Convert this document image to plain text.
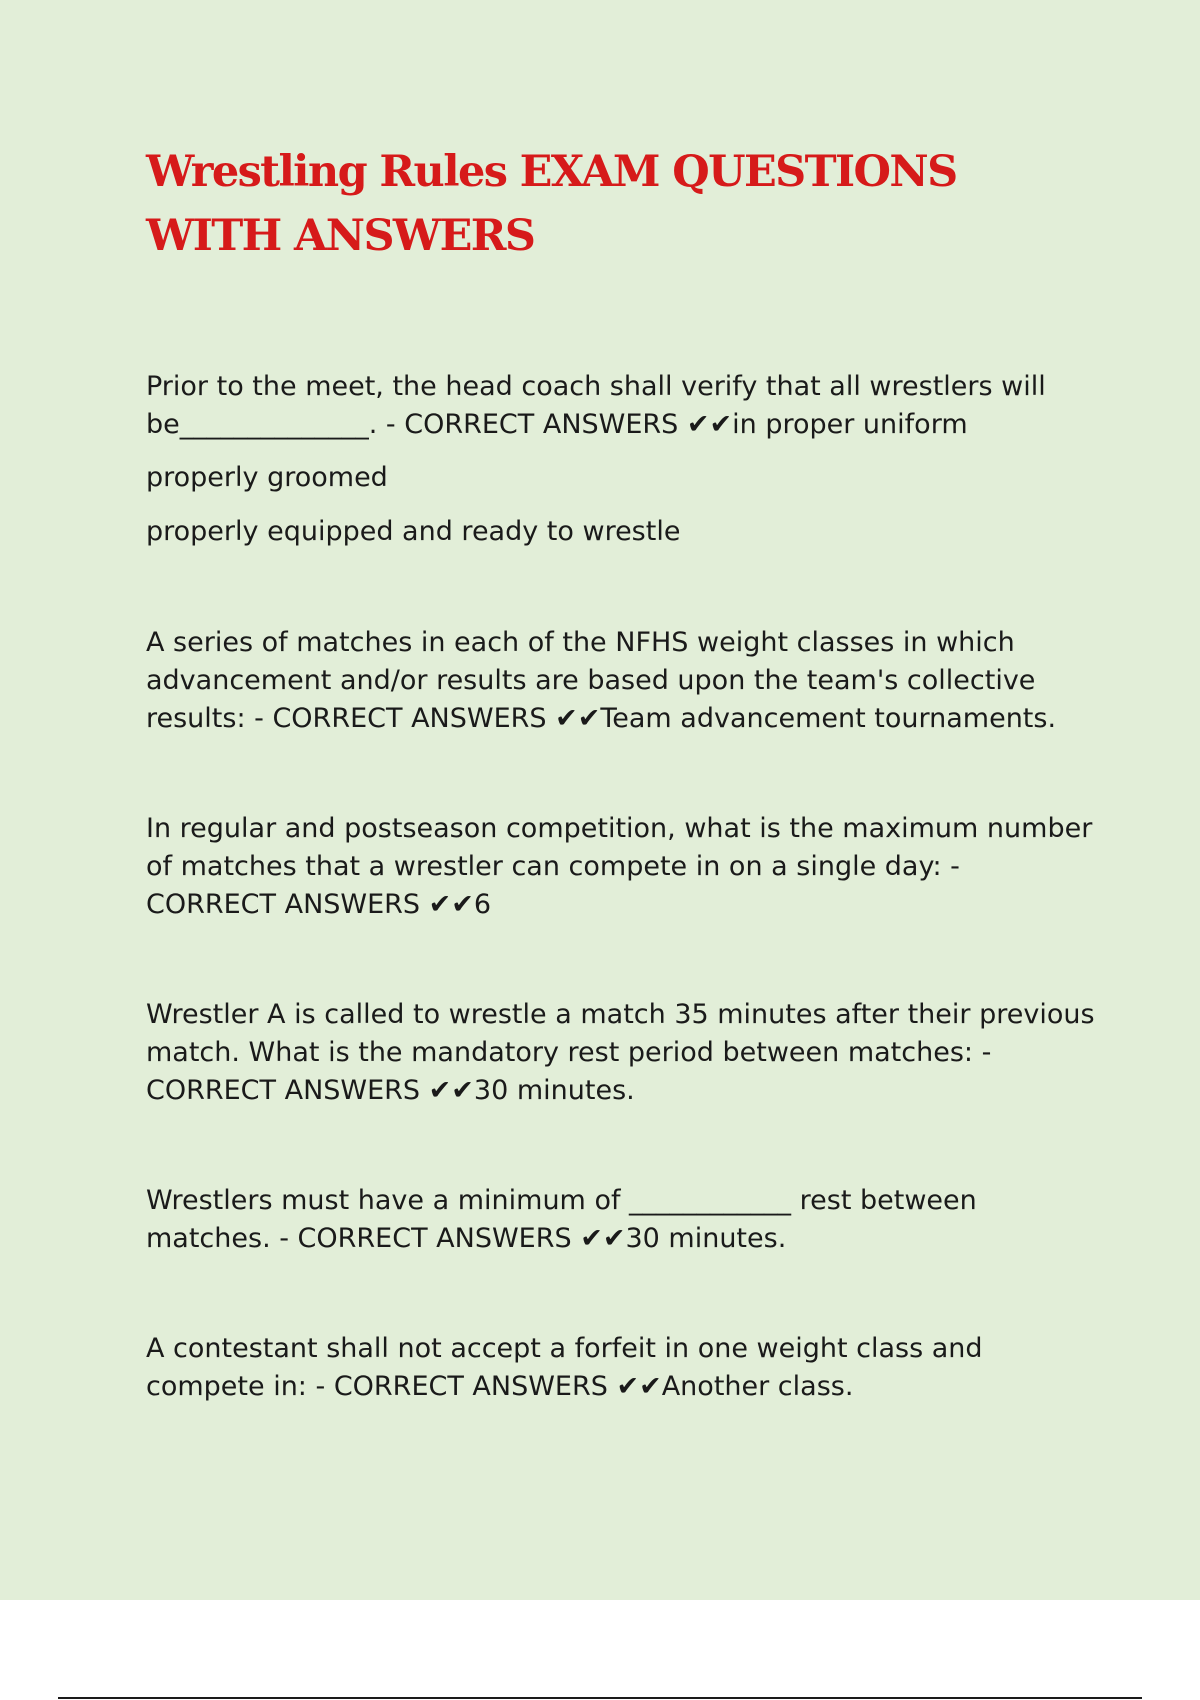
Wrestling Rules EXAM QUESTIONS WITH ANSWERS

Prior to the meet, the head coach shall verify that all wrestlers will be______________. - CORRECT ANSWERS ✔✔in proper uniform

properly groomed

properly equipped and ready to wrestle

A series of matches in each of the NFHS weight classes in which advancement and/or results are based upon the team's collective results: - CORRECT ANSWERS ✔✔Team advancement tournaments.

In regular and postseason competition, what is the maximum number of matches that a wrestler can compete in on a single day: - CORRECT ANSWERS ✔✔6

Wrestler A is called to wrestle a match 35 minutes after their previous match. What is the mandatory rest period between matches: - CORRECT ANSWERS ✔✔30 minutes.

Wrestlers must have a minimum of ____________ rest between matches. - CORRECT ANSWERS ✔✔30 minutes.

A contestant shall not accept a forfeit in one weight class and compete in: - CORRECT ANSWERS ✔✔Another class.
